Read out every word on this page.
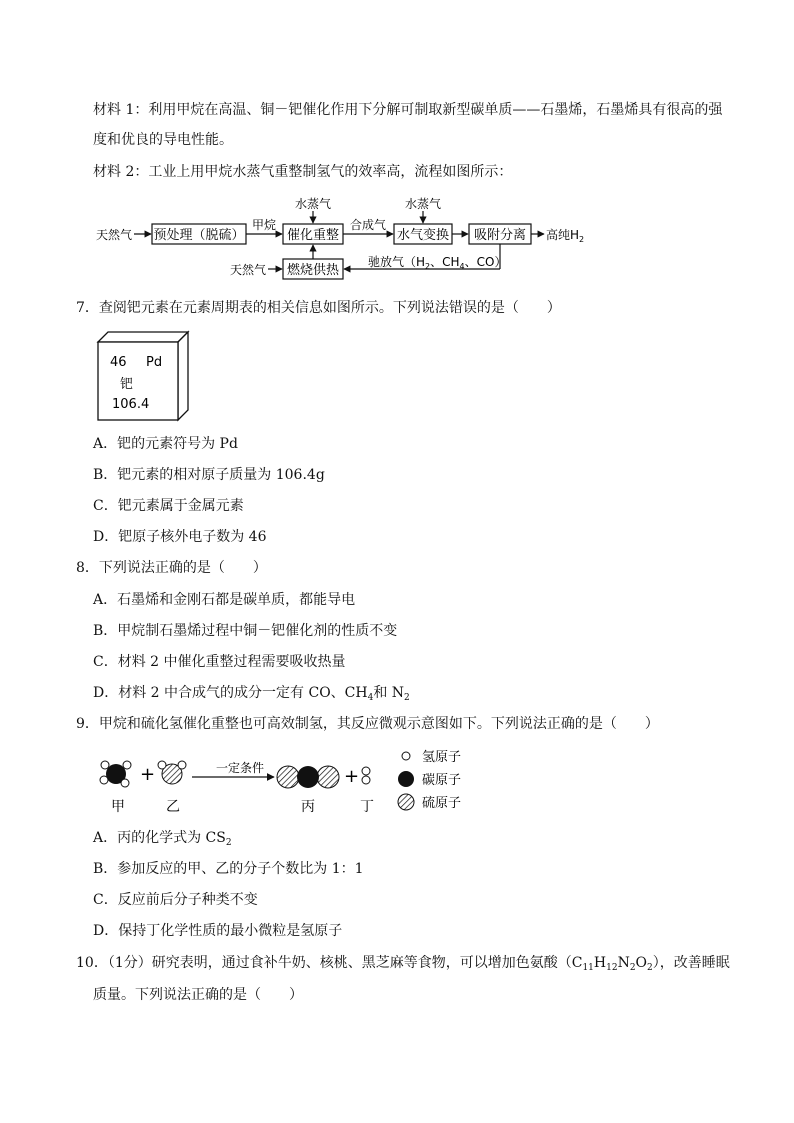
材料 1：利用甲烷在高温、铜－钯催化作用下分解可制取新型碳单质——石墨烯，石墨烯具有很高的强
度和优良的导电性能。
材料 2：工业上用甲烷水蒸气重整制氢气的效率高，流程如图所示：
预处理（脱硫）	催化重整	水气变换 吸附分离
燃烧供热
天然气
甲烷
水蒸气
合成气
水蒸气
高纯$H_2$
驰放气（$H_2$、$CH_4$、CO）
天然气
7．查阅钯元素在元素周期表的相关信息如图所示。下列说法错误的是（　　）
46 Pd
钯
106.4
A．钯的元素符号为 Pd
B．钯元素的相对原子质量为 106.4g
C．钯元素属于金属元素
D．钯原子核外电子数为 46
8．下列说法正确的是（　　）
A．石墨烯和金刚石都是碳单质，都能导电
B．甲烷制石墨烯过程中铜－钯催化剂的性质不变
C．材料 2 中催化重整过程需要吸收热量
D．材料 2 中合成气的成分一定有 CO、$CH_4$和 $N_2$
9．甲烷和硫化氢催化重整也可高效制氢，其反应微观示意图如下。下列说法正确的是（　　）
甲
+
乙
一定条件
丙
+
丁
氢原子
碳原子
硫原子
A．丙的化学式为 $CS_2$
B．参加反应的甲、乙的分子个数比为 1：1
C．反应前后分子种类不变
D．保持丁化学性质的最小微粒是氢原子
10．（1分）研究表明，通过食补牛奶、核桃、黑芝麻等食物，可以增加色氨酸$(C_{11}H_{12}N_2O_2)$，改善睡眠
质量。下列说法正确的是（　　）
